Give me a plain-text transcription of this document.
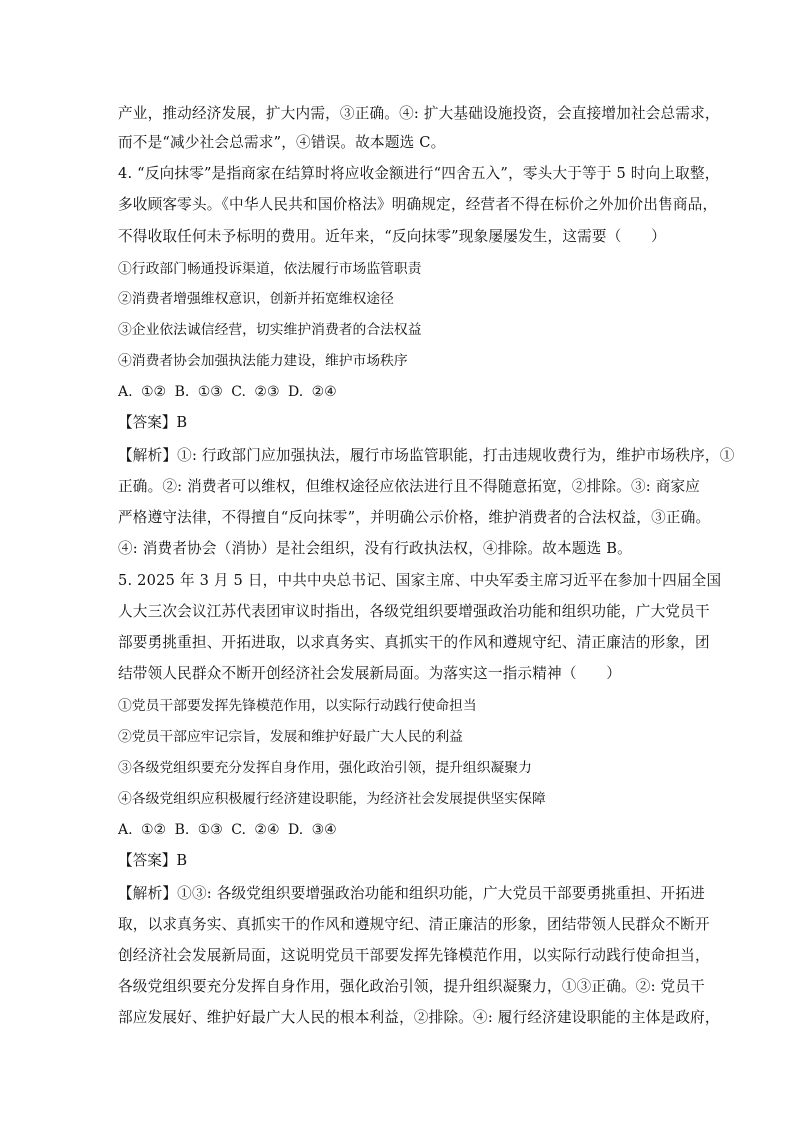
产业，推动经济发展，扩大内需，③正确。④: 扩大基础设施投资，会直接增加社会总需求，
而不是“减少社会总需求”，④错误。故本题选 C。
4. “反向抹零”是指商家在结算时将应收金额进行“四舍五入”，零头大于等于 5 时向上取整，
多收顾客零头。《中华人民共和国价格法》明确规定，经营者不得在标价之外加价出售商品，
不得收取任何未予标明的费用。近年来，“反向抹零”现象屡屡发生，这需要（　　）
①行政部门畅通投诉渠道，依法履行市场监管职责
②消费者增强维权意识，创新并拓宽维权途径
③企业依法诚信经营，切实维护消费者的合法权益
④消费者协会加强执法能力建设，维护市场秩序
A. ①② B. ①③ C. ②③ D. ②④
【答案】B
【解析】①: 行政部门应加强执法，履行市场监管职能，打击违规收费行为，维护市场秩序，①
正确。②: 消费者可以维权，但维权途径应依法进行且不得随意拓宽，②排除。③: 商家应
严格遵守法律，不得擅自“反向抹零”，并明确公示价格，维护消费者的合法权益，③正确。
④: 消费者协会（消协）是社会组织，没有行政执法权，④排除。故本题选 B。
5. 2025 年 3 月 5 日，中共中央总书记、国家主席、中央军委主席习近平在参加十四届全国
人大三次会议江苏代表团审议时指出，各级党组织要增强政治功能和组织功能，广大党员干
部要勇挑重担、开拓进取，以求真务实、真抓实干的作风和遵规守纪、清正廉洁的形象，团
结带领人民群众不断开创经济社会发展新局面。为落实这一指示精神（　　）
①党员干部要发挥先锋模范作用，以实际行动践行使命担当
②党员干部应牢记宗旨，发展和维护好最广大人民的利益
③各级党组织要充分发挥自身作用，强化政治引领，提升组织凝聚力
④各级党组织应积极履行经济建设职能，为经济社会发展提供坚实保障
A. ①② B. ①③ C. ②④ D. ③④
【答案】B
【解析】①③: 各级党组织要增强政治功能和组织功能，广大党员干部要勇挑重担、开拓进
取，以求真务实、真抓实干的作风和遵规守纪、清正廉洁的形象，团结带领人民群众不断开
创经济社会发展新局面，这说明党员干部要发挥先锋模范作用，以实际行动践行使命担当，
各级党组织要充分发挥自身作用，强化政治引领，提升组织凝聚力，①③正确。②: 党员干
部应发展好、维护好最广大人民的根本利益，②排除。④: 履行经济建设职能的主体是政府，
